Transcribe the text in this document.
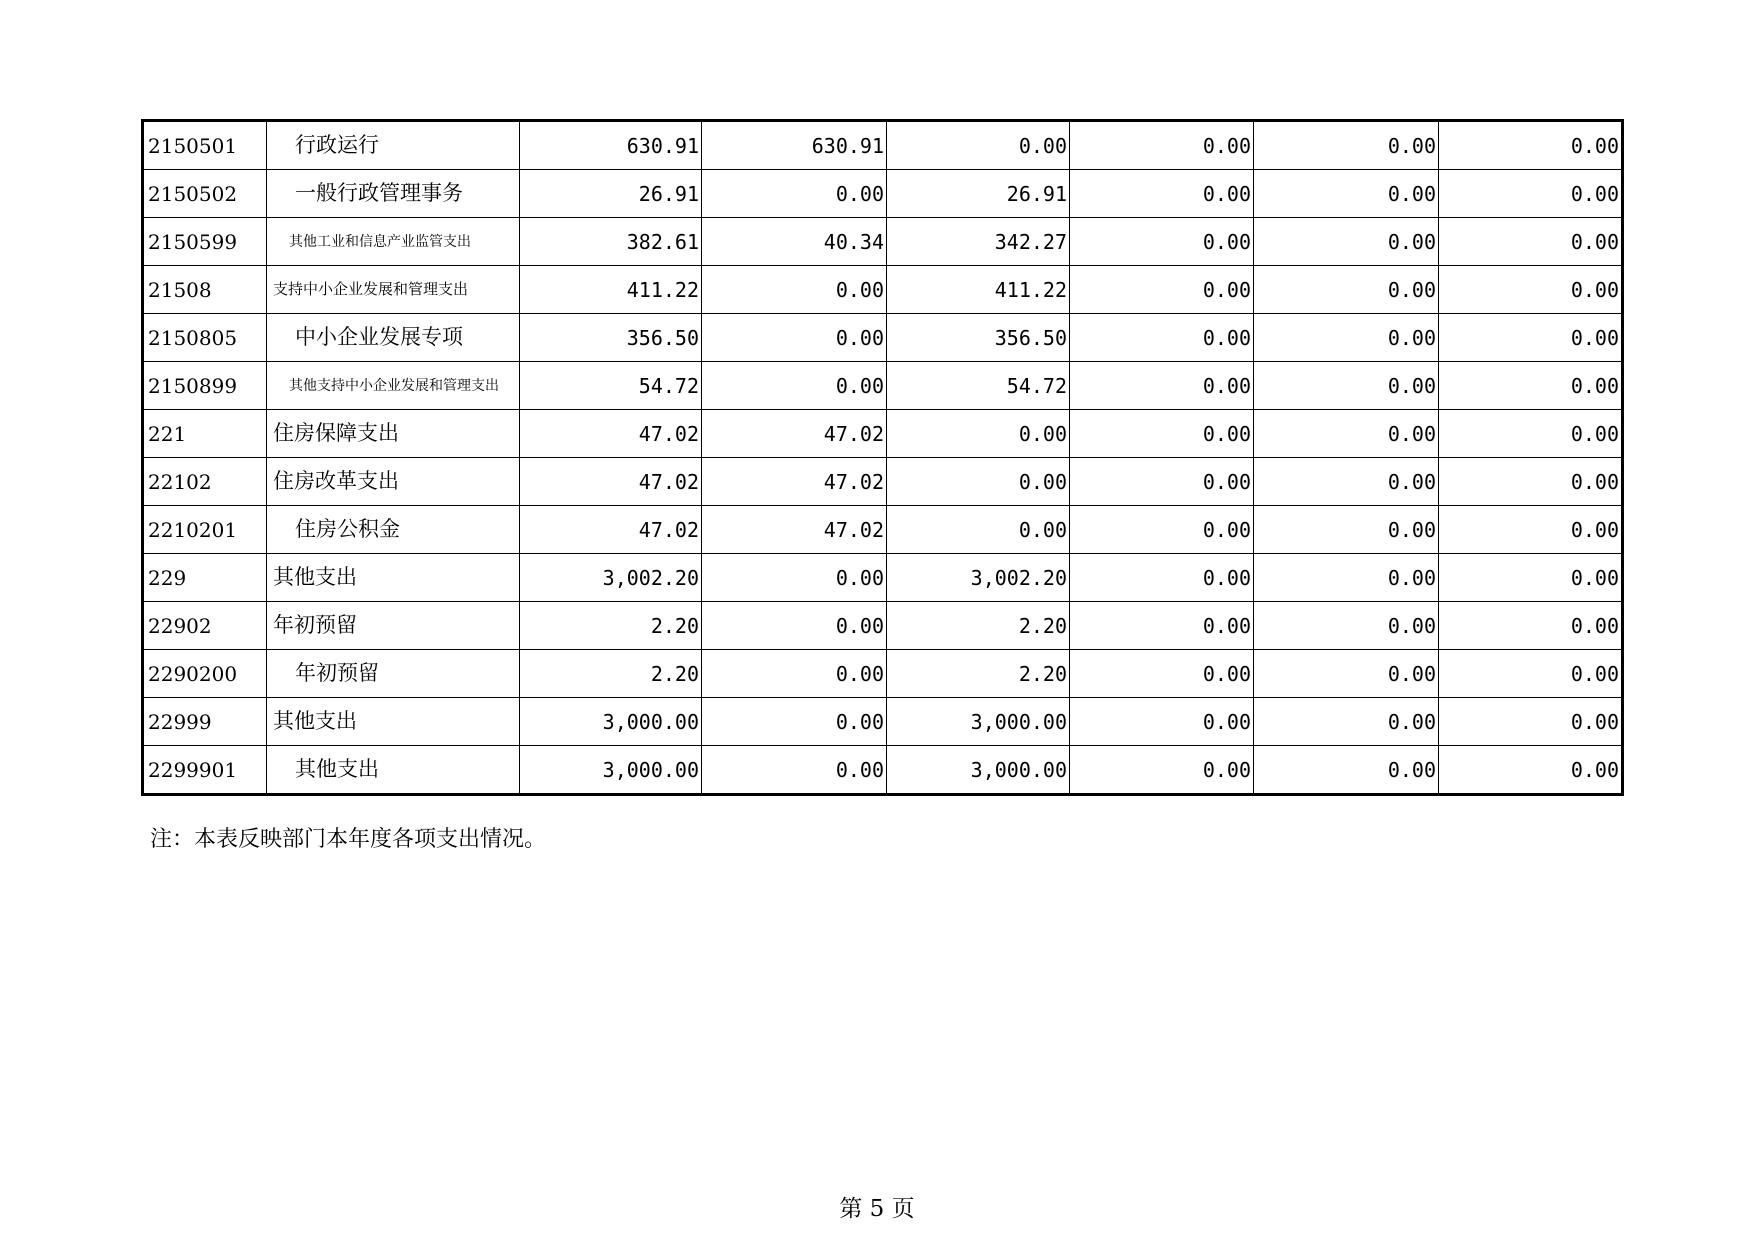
2150501	行政运行	630.91	630.91	0.00	0.00	0.00	0.00
2150502	一般行政管理事务	26.91	0.00	26.91	0.00	0.00	0.00
2150599	其他工业和信息产业监管支出	382.61	40.34	342.27	0.00	0.00	0.00
21508	支持中小企业发展和管理支出	411.22	0.00	411.22	0.00	0.00	0.00
2150805	中小企业发展专项	356.50	0.00	356.50	0.00	0.00	0.00
2150899	其他支持中小企业发展和管理支出	54.72	0.00	54.72	0.00	0.00	0.00
221	住房保障支出	47.02	47.02	0.00	0.00	0.00	0.00
22102	住房改革支出	47.02	47.02	0.00	0.00	0.00	0.00
2210201	住房公积金	47.02	47.02	0.00	0.00	0.00	0.00
229	其他支出	3,002.20	0.00	3,002.20	0.00	0.00	0.00
22902	年初预留	2.20	0.00	2.20	0.00	0.00	0.00
2290200	年初预留	2.20	0.00	2.20	0.00	0.00	0.00
22999	其他支出	3,000.00	0.00	3,000.00	0.00	0.00	0.00
2299901	其他支出	3,000.00	0.00	3,000.00	0.00	0.00	0.00
注：本表反映部门本年度各项支出情况。
第 5 页
